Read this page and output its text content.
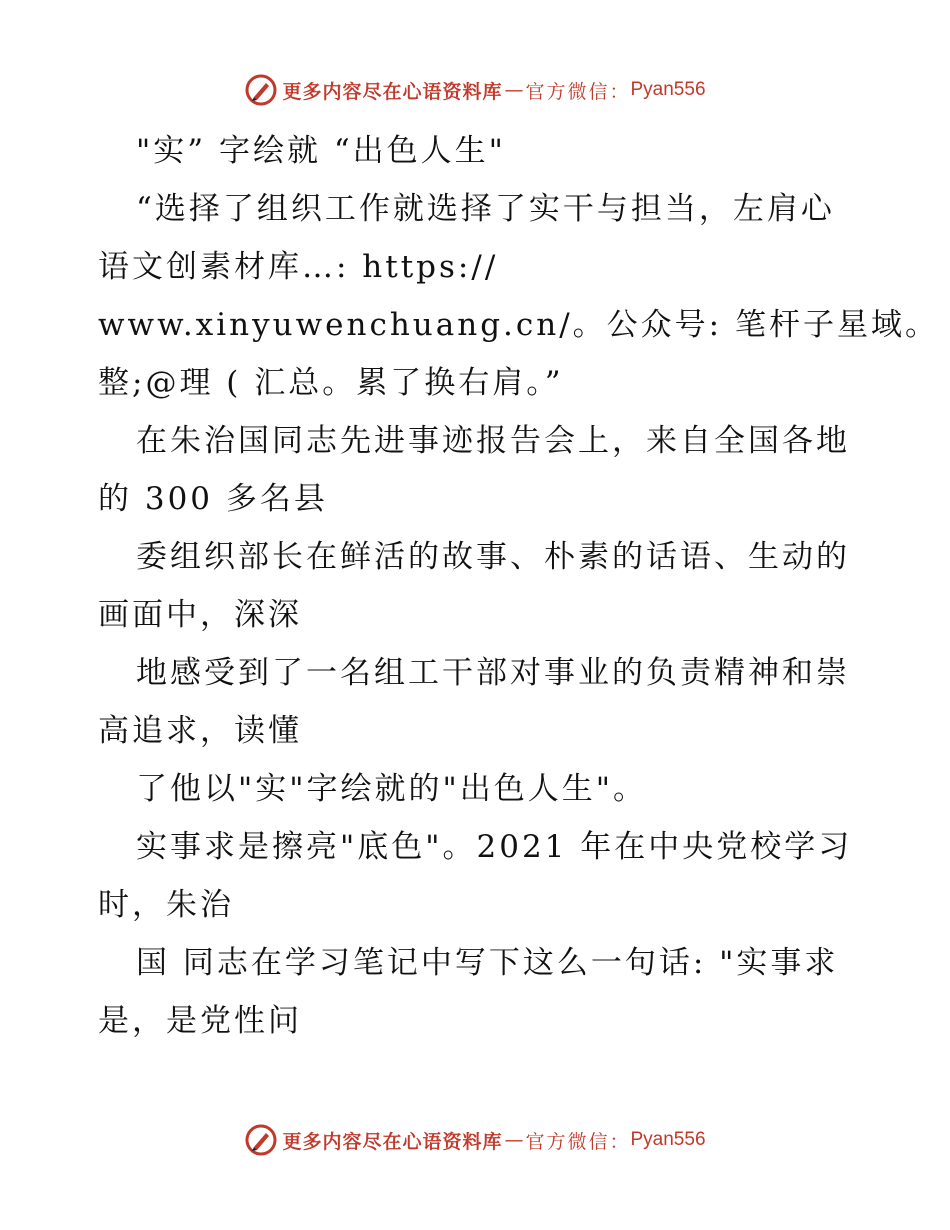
更多内容尽在心语资料库 — 官方微信： Pyan556
"实” 字绘就 “出色人生"
“选择了组织工作就选择了实干与担当，左肩心
语文创素材库…: https://
www.xinyuwenchuang.cn/。公众号: 笔杆子星域。
整;@理 ( 汇总。累了换右肩。”
在朱治国同志先进事迹报告会上，来自全国各地
的 300 多名县
委组织部长在鲜活的故事、朴素的话语、生动的
画面中，深深
地感受到了一名组工干部对事业的负责精神和崇
高追求，读懂
了他以"实"字绘就的"出色人生"。
实事求是擦亮"底色"。2021 年在中央党校学习
时，朱治
国 同志在学习笔记中写下这么一句话: "实事求
是，是党性问
更多内容尽在心语资料库 — 官方微信： Pyan556
